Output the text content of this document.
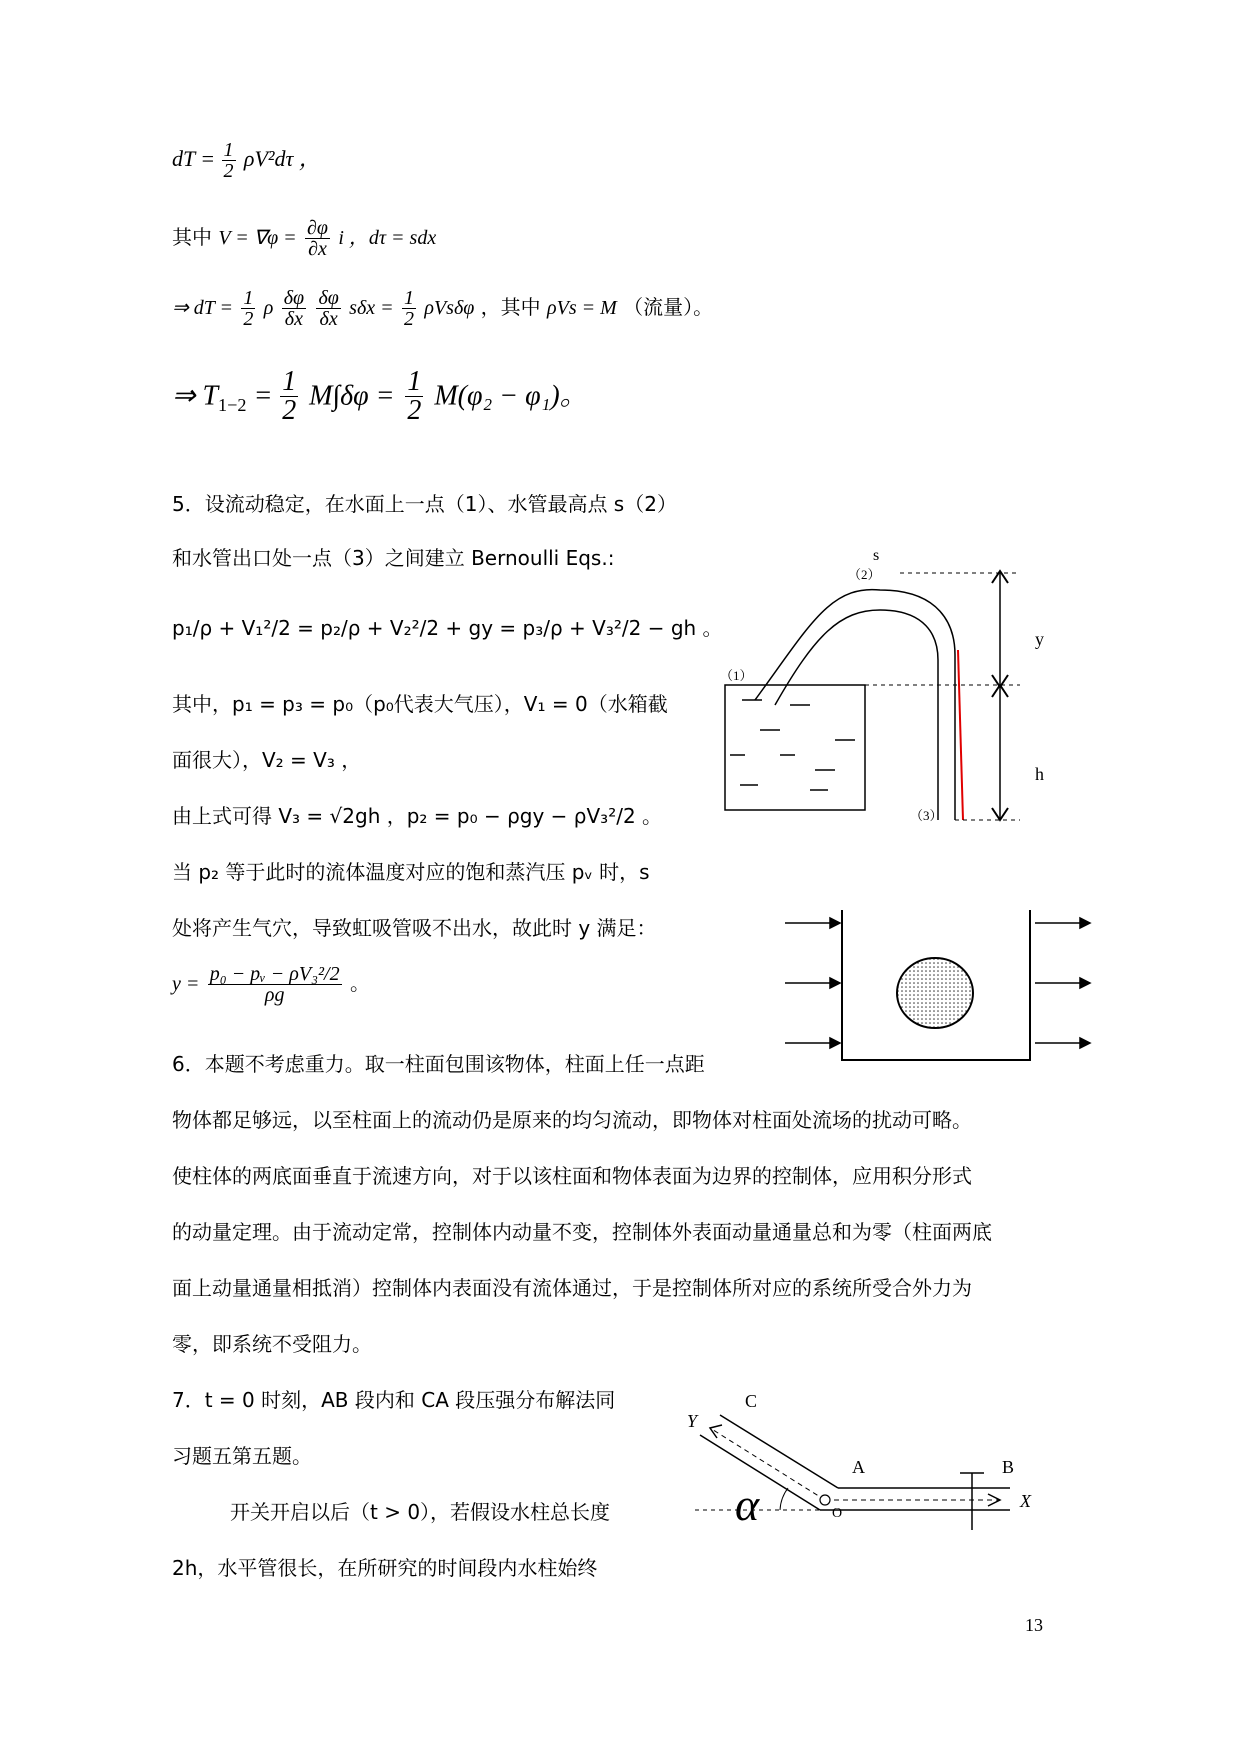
dT = $\frac{1}{2} \rho V^2d\tau$ ，
其中 $V = \nabla\varphi = \frac{\partial\varphi}{\partial x}$ i ，dτ = sdx
⇒ dT = $\frac{1}{2}$ ρ $\frac{\delta\varphi}{\delta x}$
$\frac{\delta\varphi}{\delta x}$ $s\delta x = \frac{1}{2}$ ρVsδφ ，其中 ρVs = M （流量）。
⇒ $T_{1-2} = \frac{1}{2} M\int\delta\varphi = \frac{1}{2} M(\varphi_2 - \varphi_1)$。
5．设流动稳定，在水面上一点（1）、水管最高点 s（2）
和水管出口处一点（3）之间建立 Bernoulli Eqs.:
p₁/ρ + V₁²/2 = p₂/ρ + V₂²/2 + gy = p₃/ρ + V₃²/2 − gh 。
其中，p₁ = p₃ = p₀（p₀代表大气压），V₁ = 0（水箱截
面很大），V₂ = V₃ ，
由上式可得 V₃ = √2gh ，p₂ = p₀ − ρgy − ρV₃²/2 。
当 p₂ 等于此时的流体温度对应的饱和蒸汽压 pᵥ 时，s
处将产生气穴，导致虹吸管吸不出水，故此时 y 满足：
$y = \frac{\text{p₀ − pᵥ − ρV₃²/2}}{\rho g}$ 。
6．本题不考虑重力。取一柱面包围该物体，柱面上任一点距
物体都足够远，以至柱面上的流动仍是原来的均匀流动，即物体对柱面处流场的扰动可略。
使柱体的两底面垂直于流速方向，对于以该柱面和物体表面为边界的控制体，应用积分形式
的动量定理。由于流动定常，控制体内动量不变，控制体外表面动量通量总和为零（柱面两底
面上动量通量相抵消）控制体内表面没有流体通过，于是控制体所对应的系统所受合外力为
零，即系统不受阻力。
7．t = 0 时刻，AB 段内和 CA 段压强分布解法同
习题五第五题。
开关开启以后（t > 0），若假设水柱总长度
2h，水平管很长，在所研究的时间段内水柱始终
s
（2）
（1）
（3）
y
h
C
Y
A	B
X
O
α
13
